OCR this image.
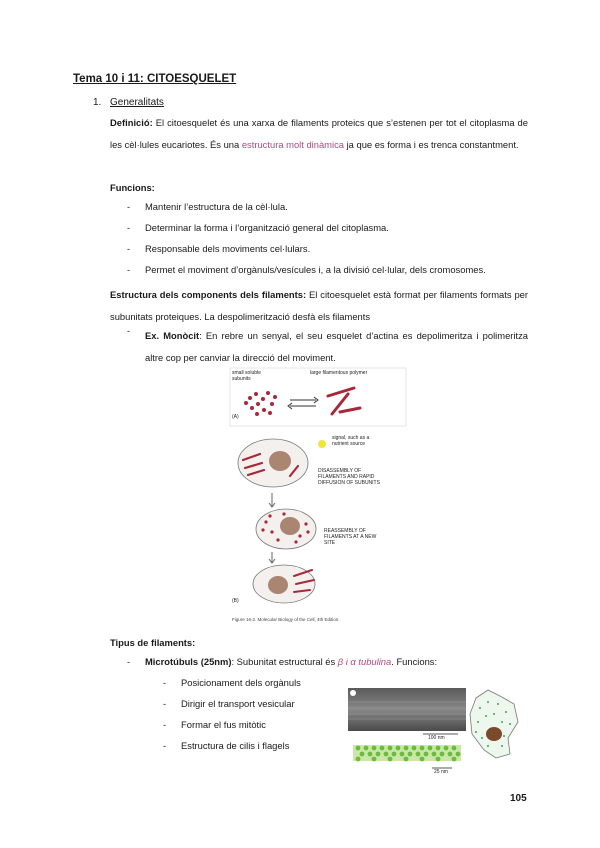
Tema 10 i 11: CITOESQUELET
1. Generalitats
Definició: El citoesquelet és una xarxa de filaments proteics que s’estenen per tot el citoplasma de les cèl·lules eucariotes. És una estructura molt dinàmica ja que es forma i es trenca constantment.
Funcions:
- Mantenir l’estructura de la cèl·lula.
- Determinar la forma i l’organització general del citoplasma.
- Responsable dels moviments cel·lulars.
- Permet el moviment d’orgànuls/vesícules i, a la divisió cel·lular, dels cromosomes.
Estructura dels components dels filaments: El citoesquelet està format per filaments formats per subunitats proteiques. La despolimerització desfà els filaments
- Ex. Monòcit: En rebre un senyal, el seu esquelet d’actina es depolimeritza i polimeritza altre cop per canviar la direcció del moviment.
small soluble subunits
large filamentous polymer
(A)
signal, such as a nutrient source
DISASSEMBLY OF FILAMENTS AND RAPID DIFFUSION OF SUBUNITS
REASSEMBLY OF FILAMENTS AT A NEW SITE
(B)
Figure 16-2. Molecular Biology of the Cell, 4th Edition.
Tipus de filaments:
- Microtúbuls (25nm): Subunitat estructural és β i α tubulina. Funcions:
- Posicionament dels orgànuls
- Dirigir el transport vesicular
- Formar el fus mitòtic
- Estructura de cilis i flagels
100 nm
25 nm
105
